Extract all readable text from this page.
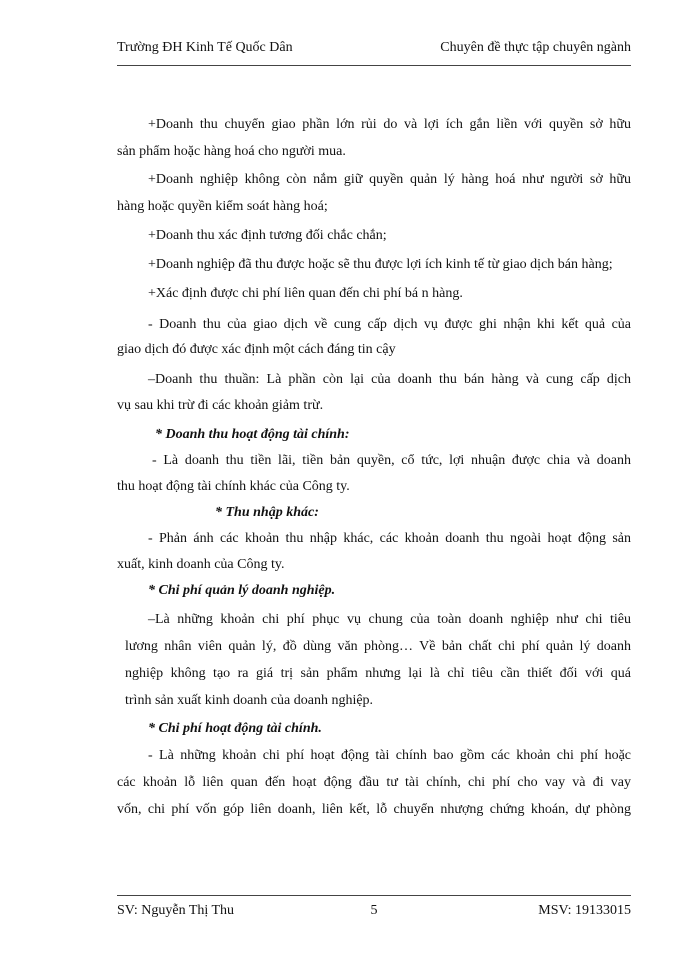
Trường ĐH Kinh Tế Quốc Dân	Chuyên đề thực tập chuyên ngành
+Doanh thu chuyển giao phần lớn rủi do và lợi ích gắn liền với quyền sở hữu
sản phẩm hoặc hàng hoá cho người mua.
+Doanh nghiệp không còn nắm giữ quyền quản lý hàng hoá như người sở hữu
hàng hoặc quyền kiểm soát hàng hoá;
+Doanh thu xác định tương đối chắc chắn;
+Doanh nghiệp đã thu được hoặc sẽ thu được lợi ích kinh tế từ giao dịch bán hàng;
+Xác định được chi phí liên quan đến chi phí bá n hàng.
- Doanh thu của giao dịch về cung cấp dịch vụ được ghi nhận khi kết quả của
giao dịch đó được xác định một cách đáng tin cậy
–Doanh thu thuần: Là phần còn lại của doanh thu bán hàng và cung cấp dịch
vụ sau khi trừ đi các khoản giảm trừ.
* Doanh thu hoạt động tài chính:
- Là doanh thu tiền lãi, tiền bản quyền, cổ tức, lợi nhuận được chia và doanh
thu hoạt động tài chính khác của Công ty.
* Thu nhập khác:
- Phản ánh các khoản thu nhập khác, các khoản doanh thu ngoài hoạt động sản
xuất, kinh doanh của Công ty.
* Chi phí quản lý doanh nghiệp.
–Là những khoản chi phí phục vụ chung của toàn doanh nghiệp như chi tiêu
lương nhân viên quản lý, đồ dùng văn phòng… Về bản chất chi phí quản lý doanh
nghiệp không tạo ra giá trị sản phẩm nhưng lại là chỉ tiêu cần thiết đối với quá
trình sản xuất kinh doanh của doanh nghiệp.
* Chi phí hoạt động tài chính.
- Là những khoản chi phí hoạt động tài chính bao gồm các khoản chi phí hoặc
các khoản lỗ liên quan đến hoạt động đầu tư tài chính, chi phí cho vay và đi vay
vốn, chi phí vốn góp liên doanh, liên kết, lỗ chuyển nhượng chứng khoán, dự phòng
SV: Nguyễn Thị Thu	5	MSV: 19133015
